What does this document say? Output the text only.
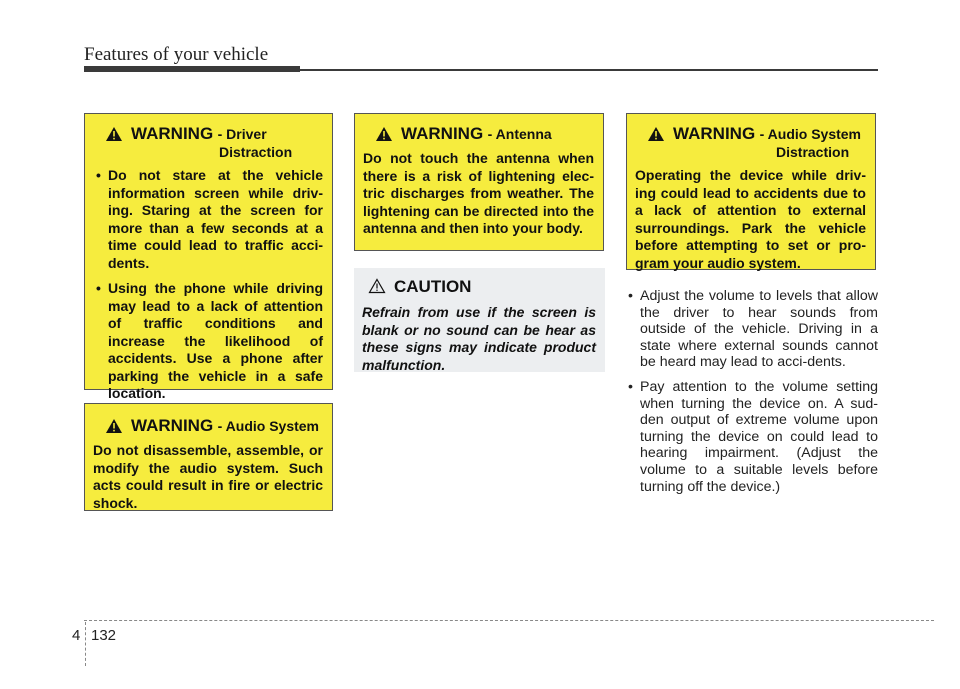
Features of your vehicle
WARNING - Driver
Distraction
• Do not stare at the vehicle information screen while driv-ing. Staring at the screen for more than a few seconds at a time could lead to traffic acci-dents.
• Using the phone while driving may lead to a lack of attention of traffic conditions and increase the likelihood of accidents. Use a phone after parking the vehicle in a safe location.
WARNING - Audio System
Do not disassemble, assemble, or modify the audio system. Such acts could result in fire or electric shock.
WARNING - Antenna
Do not touch the antenna when there is a risk of lightening elec-tric discharges from weather. The lightening can be directed into the antenna and then into your body.
CAUTION
Refrain from use if the screen is blank or no sound can be hear as these signs may indicate product malfunction.
WARNING - Audio System
Distraction
Operating the device while driv-ing could lead to accidents due to a lack of attention to external surroundings. Park the vehicle before attempting to set or pro-gram your audio system.
• Adjust the volume to levels that allow the driver to hear sounds from outside of the vehicle. Driving in a state where external sounds cannot be heard may lead to acci-dents.
• Pay attention to the volume setting when turning the device on. A sud-den output of extreme volume upon turning the device on could lead to hearing impairment. (Adjust the volume to a suitable levels before turning off the device.)
4 132
